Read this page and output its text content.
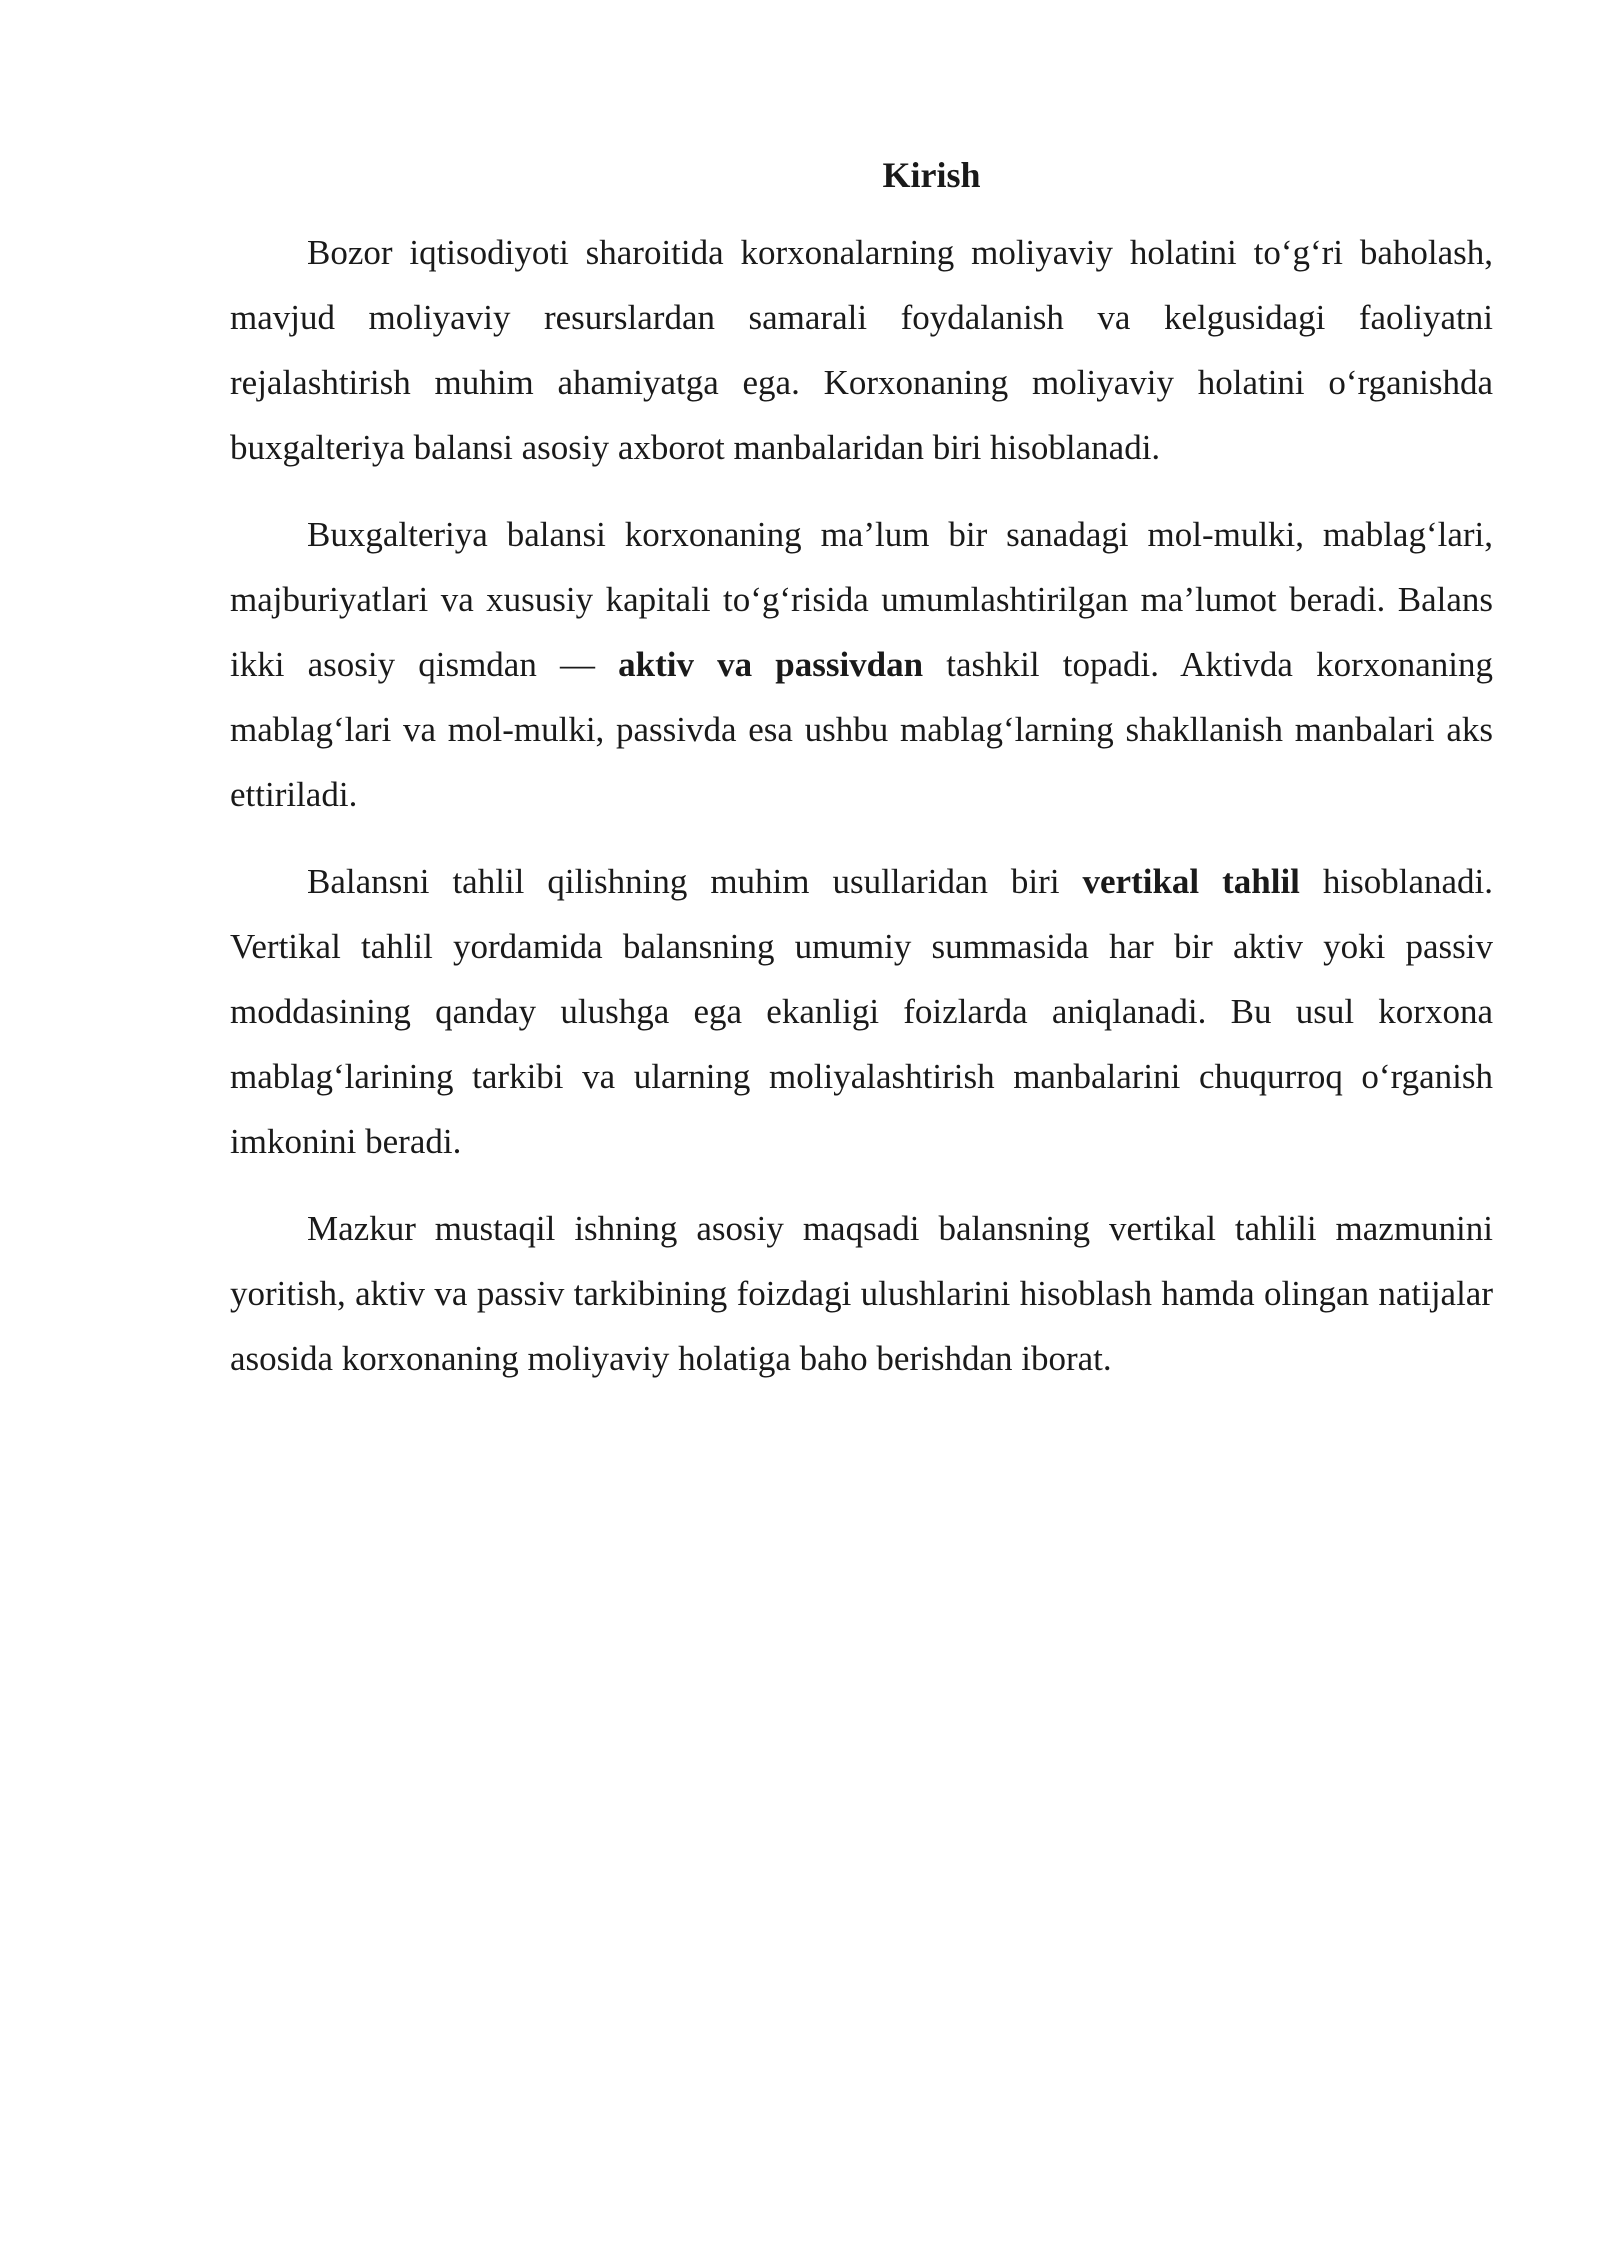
Kirish

Bozor iqtisodiyoti sharoitida korxonalarning moliyaviy holatini to‘g‘ri baholash, mavjud moliyaviy resurslardan samarali foydalanish va kelgusidagi faoliyatni rejalashtirish muhim ahamiyatga ega. Korxonaning moliyaviy holatini o‘rganishda buxgalteriya balansi asosiy axborot manbalaridan biri hisoblanadi.

Buxgalteriya balansi korxonaning ma’lum bir sanadagi mol-mulki, mablag‘lari, majburiyatlari va xususiy kapitali to‘g‘risida umumlashtirilgan ma’lumot beradi. Balans ikki asosiy qismdan — aktiv va passivdan tashkil topadi. Aktivda korxonaning mablag‘lari va mol-mulki, passivda esa ushbu mablag‘larning shakllanish manbalari aks ettiriladi.

Balansni tahlil qilishning muhim usullaridan biri vertikal tahlil hisoblanadi. Vertikal tahlil yordamida balansning umumiy summasida har bir aktiv yoki passiv moddasining qanday ulushga ega ekanligi foizlarda aniqlanadi. Bu usul korxona mablag‘larining tarkibi va ularning moliyalashtirish manbalarini chuqurroq o‘rganish imkonini beradi.

Mazkur mustaqil ishning asosiy maqsadi balansning vertikal tahlili mazmunini yoritish, aktiv va passiv tarkibining foizdagi ulushlarini hisoblash hamda olingan natijalar asosida korxonaning moliyaviy holatiga baho berishdan iborat.
